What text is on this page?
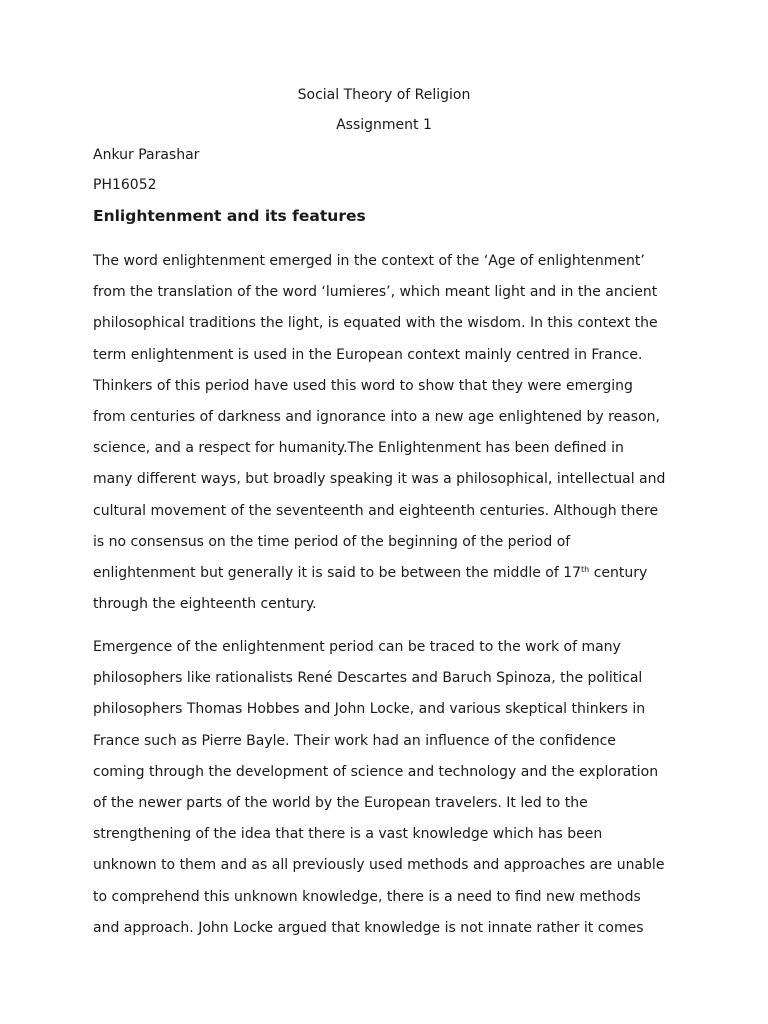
Social Theory of Religion
Assignment 1
Ankur Parashar
PH16052
Enlightenment and its features
The word enlightenment emerged in the context of the ‘Age of enlightenment’
from the translation of the word ‘lumieres’, which meant light and in the ancient
philosophical traditions the light, is equated with the wisdom. In this context the
term enlightenment is used in the European context mainly centred in France.
Thinkers of this period have used this word to show that they were emerging
from centuries of darkness and ignorance into a new age enlightened by reason,
science, and a respect for humanity.The Enlightenment has been defined in
many different ways, but broadly speaking it was a philosophical, intellectual and
cultural movement of the seventeenth and eighteenth centuries. Although there
is no consensus on the time period of the beginning of the period of
enlightenment but generally it is said to be between the middle of 17th century
through the eighteenth century.
Emergence of the enlightenment period can be traced to the work of many
philosophers like rationalists René Descartes and Baruch Spinoza, the political
philosophers Thomas Hobbes and John Locke, and various skeptical thinkers in
France such as Pierre Bayle. Their work had an influence of the confidence
coming through the development of science and technology and the exploration
of the newer parts of the world by the European travelers. It led to the
strengthening of the idea that there is a vast knowledge which has been
unknown to them and as all previously used methods and approaches are unable
to comprehend this unknown knowledge, there is a need to find new methods
and approach. John Locke argued that knowledge is not innate rather it comes
